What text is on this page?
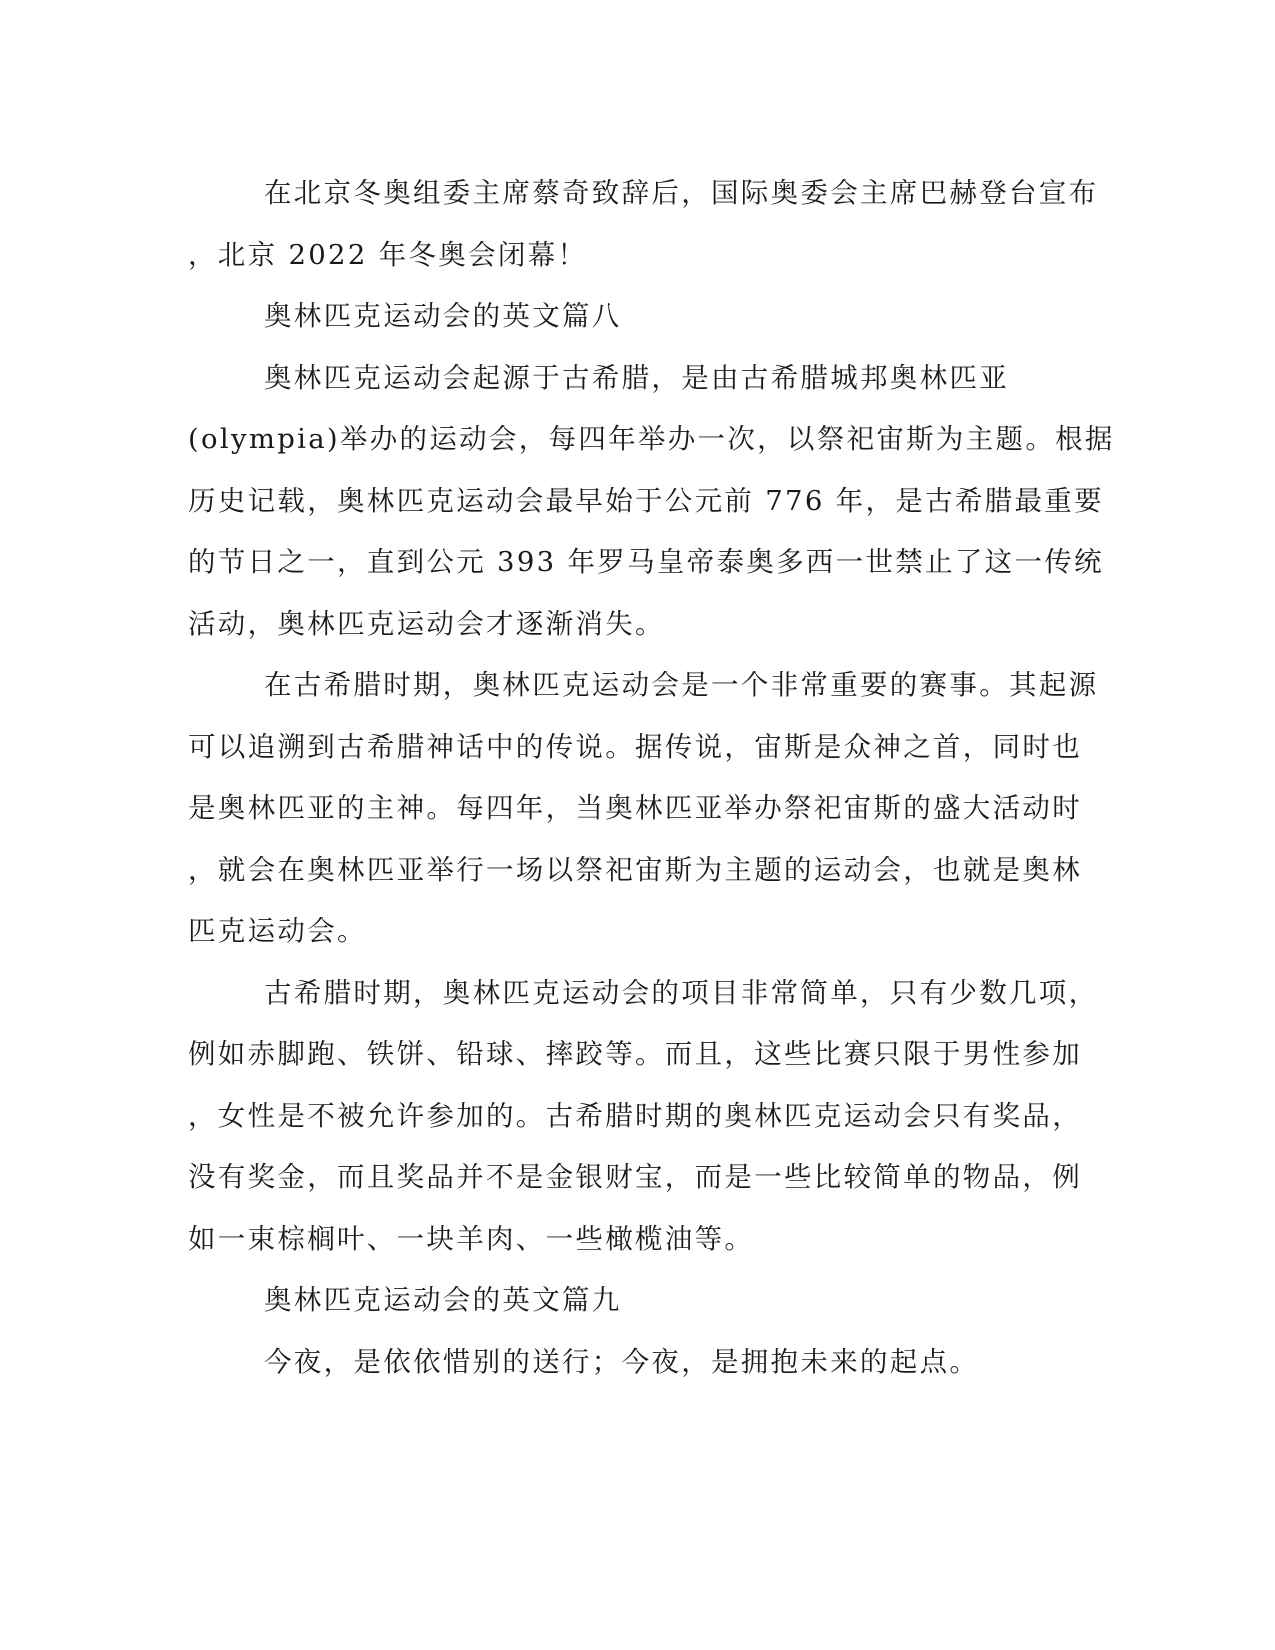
在北京冬奥组委主席蔡奇致辞后，国际奥委会主席巴赫登台宣布
，北京 2022 年冬奥会闭幕！
奥林匹克运动会的英文篇八
奥林匹克运动会起源于古希腊，是由古希腊城邦奥林匹亚
(olympia)举办的运动会，每四年举办一次，以祭祀宙斯为主题。根据
历史记载，奥林匹克运动会最早始于公元前 776 年，是古希腊最重要
的节日之一，直到公元 393 年罗马皇帝泰奥多西一世禁止了这一传统
活动，奥林匹克运动会才逐渐消失。
在古希腊时期，奥林匹克运动会是一个非常重要的赛事。其起源
可以追溯到古希腊神话中的传说。据传说，宙斯是众神之首，同时也
是奥林匹亚的主神。每四年，当奥林匹亚举办祭祀宙斯的盛大活动时
，就会在奥林匹亚举行一场以祭祀宙斯为主题的运动会，也就是奥林
匹克运动会。
古希腊时期，奥林匹克运动会的项目非常简单，只有少数几项，
例如赤脚跑、铁饼、铅球、摔跤等。而且，这些比赛只限于男性参加
，女性是不被允许参加的。古希腊时期的奥林匹克运动会只有奖品，
没有奖金，而且奖品并不是金银财宝，而是一些比较简单的物品，例
如一束棕榈叶、一块羊肉、一些橄榄油等。
奥林匹克运动会的英文篇九
今夜，是依依惜别的送行；今夜，是拥抱未来的起点。
